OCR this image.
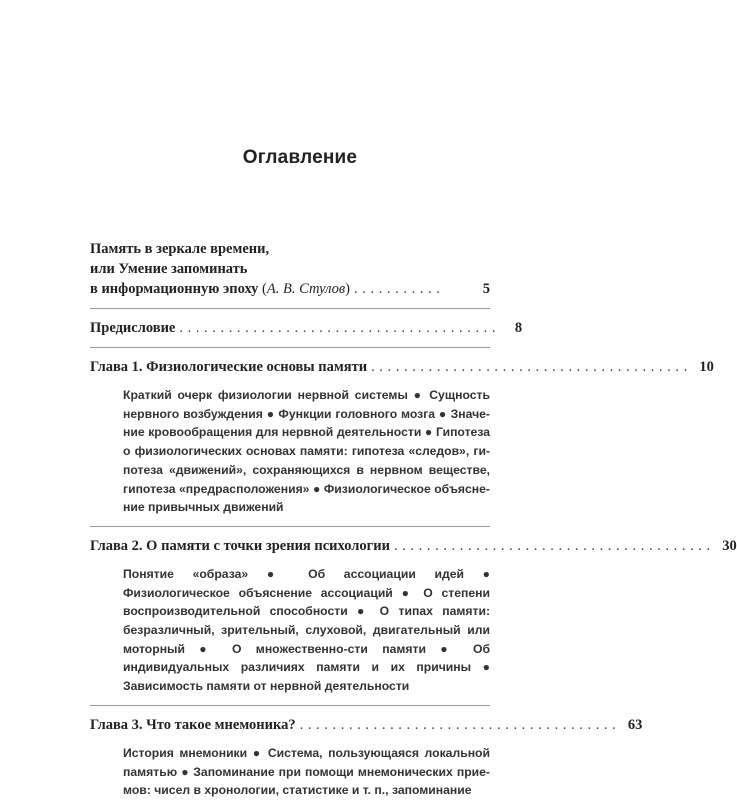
Оглавление
Память в зеркале времени,
или Умение запоминать
в информационную эпоху (А. В. Стулов) ...........	5
Предисловие .......................................	8
Глава 1. Физиологические основы памяти ....................................... 10
Краткий очерк физиологии нервной системы ● Сущность нервного возбуждения ● Функции головного мозга ● Значе-ние кровообращения для нервной деятельности ● Гипотеза о физиологических основах памяти: гипотеза «следов», ги-потеза «движений», сохраняющихся в нервном веществе, гипотеза «предрасположения» ● Физиологическое объясне-ние привычных движений
Глава 2. О памяти с точки зрения психологии ....................................... 30
Понятие «образа» ● Об ассоциации идей ● Физиологическое объяснение ассоциаций ● О степени воспроизводительной способности ● О типах памяти: безразличный, зрительный, слуховой, двигательный или моторный ● О множественно-сти памяти ● Об индивидуальных различиях памяти и их причины ● Зависимость памяти от нервной деятельности
Глава 3. Что такое мнемоника? ....................................... 63
История мнемоники ● Система, пользующаяся локальной памятью ● Запоминание при помощи мнемонических прие-мов: чисел в хронологии, статистике и т. п., запоминание
